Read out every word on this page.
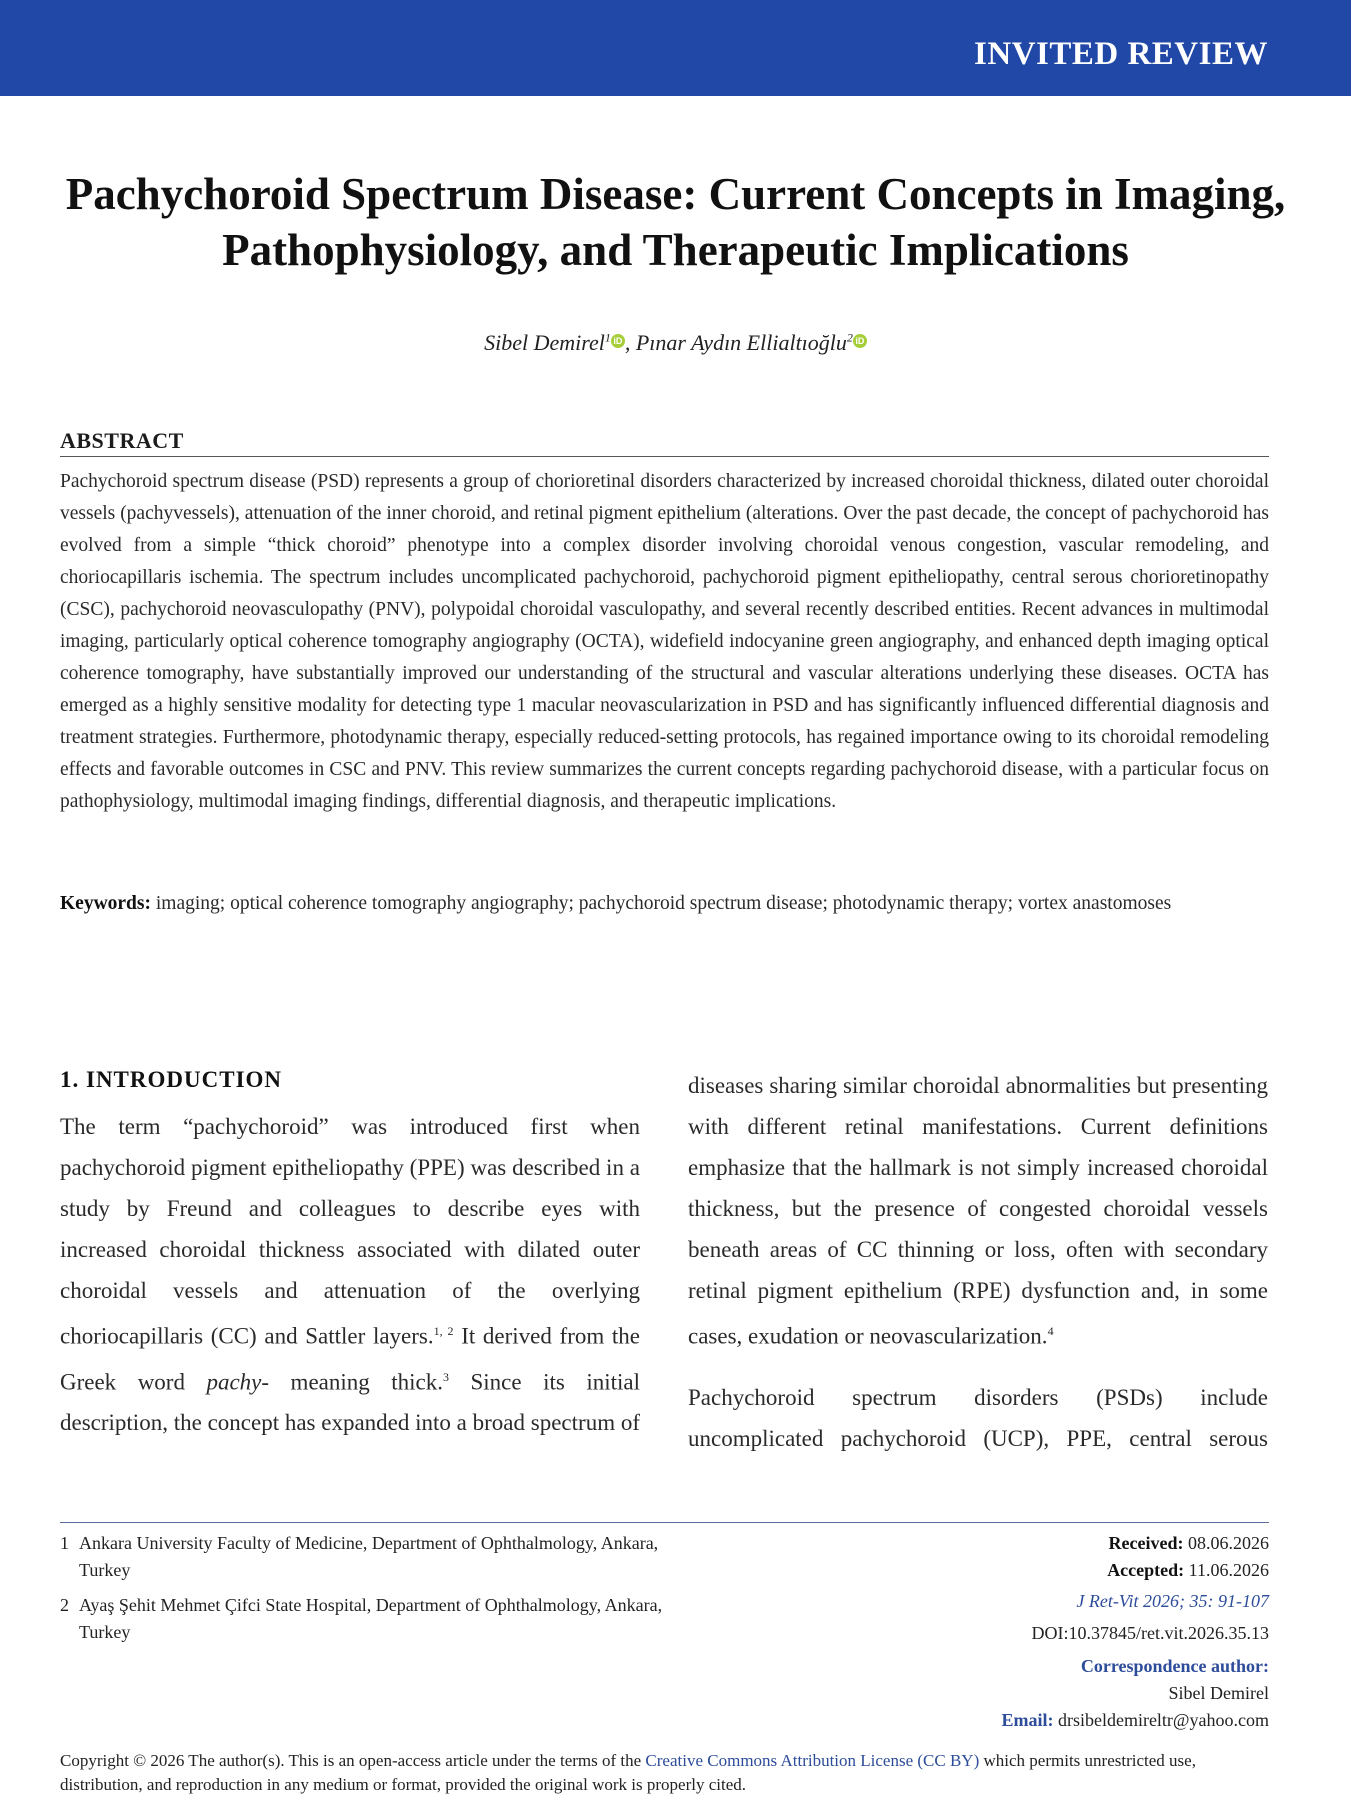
INVITED REVIEW
Pachychoroid Spectrum Disease: Current Concepts in Imaging, Pathophysiology, and Therapeutic Implications
Sibel Demirel$^1$ iD , Pınar Aydın Ellialtıoğlu$^2$ iD
ABSTRACT

Pachychoroid spectrum disease (PSD) represents a group of chorioretinal disorders characterized by increased choroidal thickness, dilated outer choroidal vessels (pachyvessels), attenuation of the inner choroid, and retinal pigment epithelium (alterations. Over the past decade, the concept of pachychoroid has evolved from a simple “thick choroid” phenotype into a complex disorder involving choroidal venous congestion, vascular remodeling, and choriocapillaris ischemia. The spectrum includes uncomplicated pachychoroid, pachychoroid pigment epitheliopathy, central serous chorioretinopathy (CSC), pachychoroid neovasculopathy (PNV), polypoidal choroidal vasculopathy, and several recently described entities. Recent advances in multimodal imaging, particularly optical coherence tomography angiography (OCTA), widefield indocyanine green angiography, and enhanced depth imaging optical coherence tomography, have substantially improved our understanding of the structural and vascular alterations underlying these diseases. OCTA has emerged as a highly sensitive modality for detecting type 1 macular neovascularization in PSD and has significantly influenced differential diagnosis and treatment strategies. Furthermore, photodynamic therapy, especially reduced-setting protocols, has regained importance owing to its choroidal remodeling effects and favorable outcomes in CSC and PNV. This review summarizes the current concepts regarding pachychoroid disease, with a particular focus on pathophysiology, multimodal imaging findings, differential diagnosis, and therapeutic implications.

Keywords: imaging; optical coherence tomography angiography; pachychoroid spectrum disease; photodynamic therapy; vortex anastomoses

1. INTRODUCTION

The term “pachychoroid” was introduced first when pachychoroid pigment epitheliopathy (PPE) was described in a study by Freund and colleagues to describe eyes with increased choroidal thickness associated with dilated outer choroidal vessels and attenuation of the overlying choriocapillaris (CC) and Sattler layers.$^{1, 2}$ It derived from the Greek word pachy- meaning thick.$^3$ Since its initial description, the concept has expanded into a broad spectrum of

diseases sharing similar choroidal abnormalities but presenting with different retinal manifestations. Current definitions emphasize that the hallmark is not simply increased choroidal thickness, but the presence of congested choroidal vessels beneath areas of CC thinning or loss, often with secondary retinal pigment epithelium (RPE) dysfunction and, in some cases, exudation or neovascularization.$^4$

Pachychoroid spectrum disorders (PSDs) include uncomplicated pachychoroid (UCP), PPE, central serous

1 Ankara University Faculty of Medicine, Department of Ophthalmology, Ankara, Turkey
2 Ayaş Şehit Mehmet Çifci State Hospital, Department of Ophthalmology, Ankara, Turkey
Received: 08.06.2026
Accepted: 11.06.2026
J Ret-Vit 2026; 35: 91-107
DOI:10.37845/ret.vit.2026.35.13
Correspondence author:
Sibel Demirel
Email: drsibeldemireltr@yahoo.com
Copyright © 2026 The author(s). This is an open-access article under the terms of the Creative Commons Attribution License (CC BY) which permits unrestricted use, distribution, and reproduction in any medium or format, provided the original work is properly cited.
